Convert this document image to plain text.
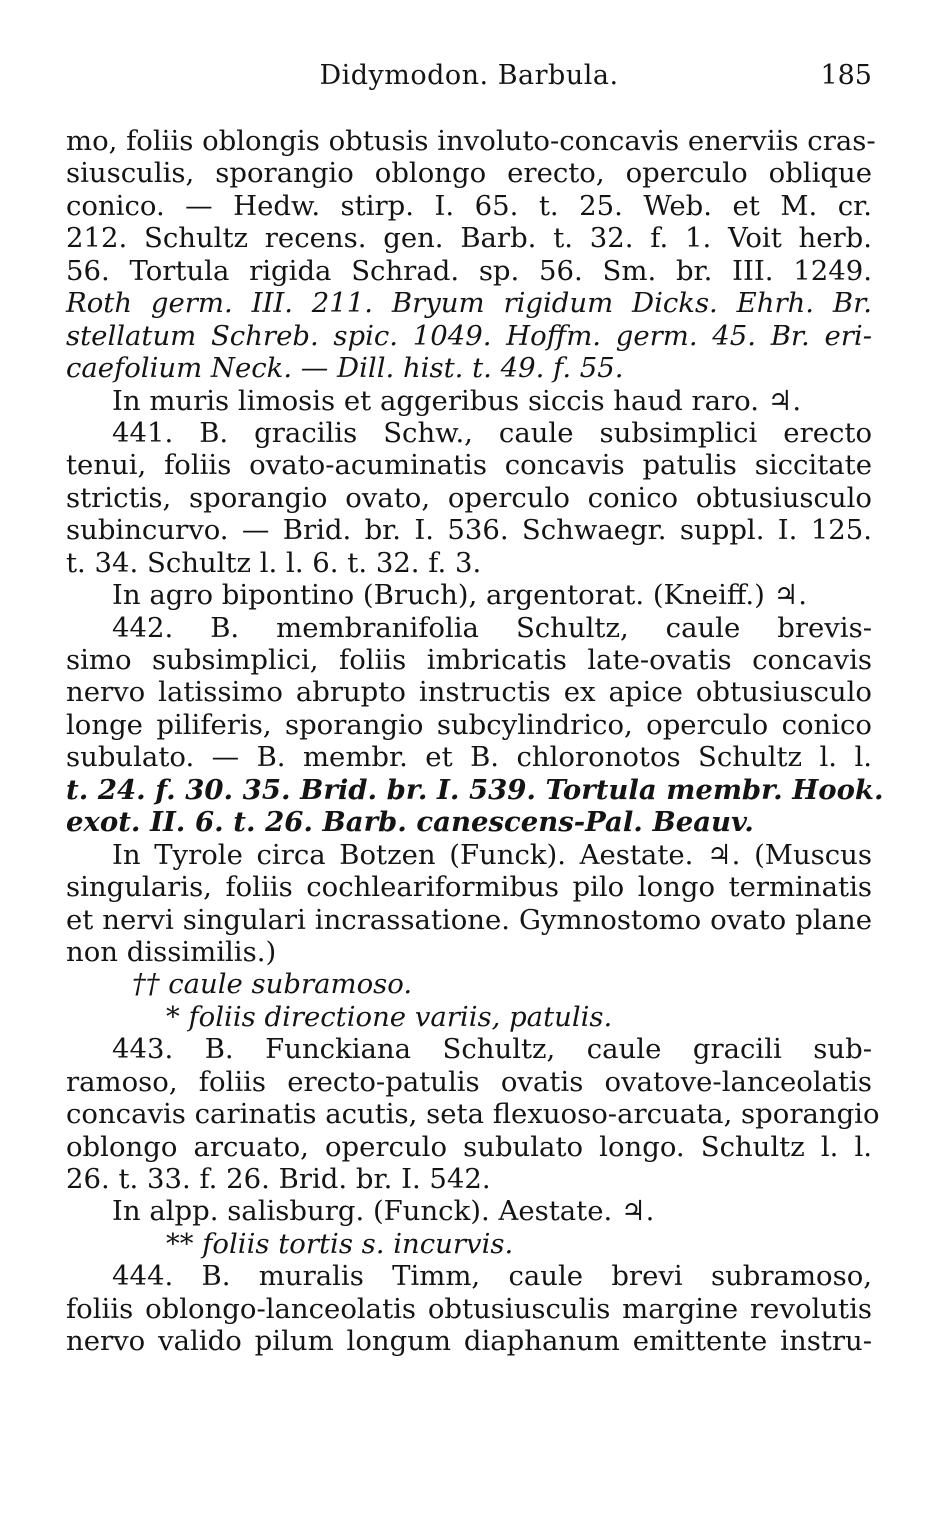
Didymodon. Barbula.	185
mo, foliis oblongis obtusis involuto-concavis enerviis cras-
siusculis, sporangio oblongo erecto, operculo oblique
conico. — Hedw. stirp. I. 65. t. 25. Web. et M. cr.
212. Schultz recens. gen. Barb. t. 32. f. 1. Voit herb.
56. Tortula rigida Schrad. sp. 56. Sm. br. III. 1249.
Roth germ. III. 211. Bryum rigidum Dicks. Ehrh. Br.
stellatum Schreb. spic. 1049. Hoffm. germ. 45. Br. eri-
caefolium Neck. — Dill. hist. t. 49. f. 55.
In muris limosis et aggeribus siccis haud raro. ♃.
441. B. gracilis Schw., caule subsimplici erecto
tenui, foliis ovato-acuminatis concavis patulis siccitate
strictis, sporangio ovato, operculo conico obtusiusculo
subincurvo. — Brid. br. I. 536. Schwaegr. suppl. I. 125.
t. 34. Schultz l. l. 6. t. 32. f. 3.
In agro bipontino (Bruch), argentorat. (Kneiff.) ♃.
442. B. membranifolia Schultz, caule brevis-
simo subsimplici, foliis imbricatis late-ovatis concavis
nervo latissimo abrupto instructis ex apice obtusiusculo
longe piliferis, sporangio subcylindrico, operculo conico
subulato. — B. membr. et B. chloronotos Schultz l. l.
t. 24. f. 30. 35. Brid. br. I. 539. Tortula membr. Hook.
exot. II. 6. t. 26. Barb. canescens-Pal. Beauv.
In Tyrole circa Botzen (Funck). Aestate. ♃. (Muscus
singularis, foliis cochleariformibus pilo longo terminatis
et nervi singulari incrassatione. Gymnostomo ovato plane
non dissimilis.)
†† caule subramoso.
* foliis directione variis, patulis.
443. B. Funckiana Schultz, caule gracili sub-
ramoso, foliis erecto-patulis ovatis ovatove-lanceolatis
concavis carinatis acutis, seta flexuoso-arcuata, sporangio
oblongo arcuato, operculo subulato longo. Schultz l. l.
26. t. 33. f. 26. Brid. br. I. 542.
In alpp. salisburg. (Funck). Aestate. ♃.
** foliis tortis s. incurvis.
444. B. muralis Timm, caule brevi subramoso,
foliis oblongo-lanceolatis obtusiusculis margine revolutis
nervo valido pilum longum diaphanum emittente instru-
